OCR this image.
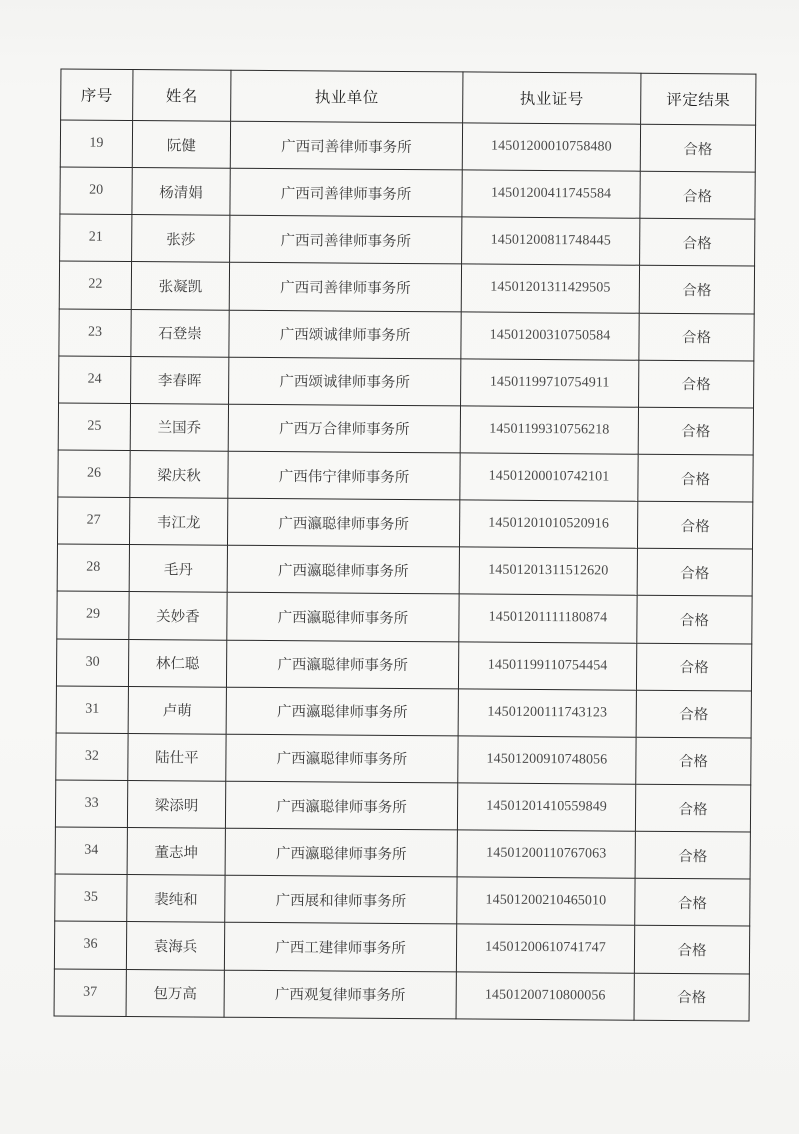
序号	姓名	执业单位	执业证号	评定结果
19	阮健	广西司善律师事务所	14501200010758480	合格
20	杨清娟	广西司善律师事务所	14501200411745584	合格
21	张莎	广西司善律师事务所	14501200811748445	合格
22	张凝凯	广西司善律师事务所	14501201311429505	合格
23	石登崇	广西颂诚律师事务所	14501200310750584	合格
24	李春晖	广西颂诚律师事务所	14501199710754911	合格
25	兰国乔	广西万合律师事务所	14501199310756218	合格
26	梁庆秋	广西伟宁律师事务所	14501200010742101	合格
27	韦江龙	广西瀛聪律师事务所	14501201010520916	合格
28	毛丹	广西瀛聪律师事务所	14501201311512620	合格
29	关妙香	广西瀛聪律师事务所	14501201111180874	合格
30	林仁聪	广西瀛聪律师事务所	14501199110754454	合格
31	卢萌	广西瀛聪律师事务所	14501200111743123	合格
32	陆仕平	广西瀛聪律师事务所	14501200910748056	合格
33	梁添明	广西瀛聪律师事务所	14501201410559849	合格
34	董志坤	广西瀛聪律师事务所	14501200110767063	合格
35	裴纯和	广西展和律师事务所	14501200210465010	合格
36	袁海兵	广西工建律师事务所	14501200610741747	合格
37	包万高	广西观复律师事务所	14501200710800056	合格
